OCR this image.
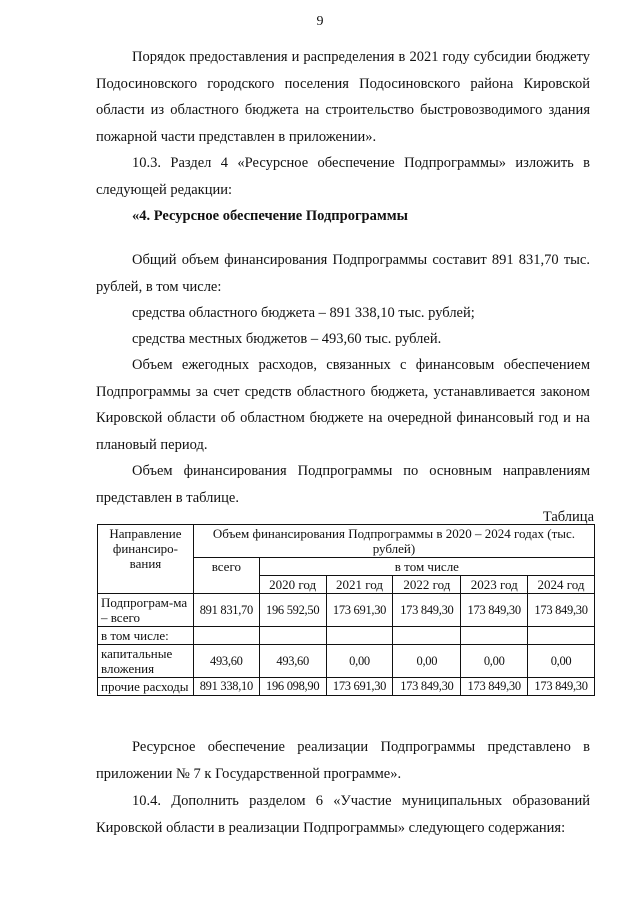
9

Порядок предоставления и распределения в 2021 году субсидии бюджету Подосиновского городского поселения Подосиновского района Кировской области из областного бюджета на строительство быстровозводимого здания пожарной части представлен в приложении».

10.3. Раздел 4 «Ресурсное обеспечение Подпрограммы» изложить в следующей редакции:

«4. Ресурсное обеспечение Подпрограммы

Общий объем финансирования Подпрограммы составит 891 831,70 тыс. рублей, в том числе:

средства областного бюджета – 891 338,10 тыс. рублей;

средства местных бюджетов – 493,60 тыс. рублей.

Объем ежегодных расходов, связанных с финансовым обеспечением Подпрограммы за счет средств областного бюджета, устанавливается законом Кировской области об областном бюджете на очередной финансовый год и на плановый период.

Объем финансирования Подпрограммы по основным направлениям представлен в таблице.

Таблица
Направление финансиро-вания	Объем финансирования Подпрограммы в 2020 – 2024 годах (тыс. рублей)					
	всего	в том числе				
		2020 год	2021 год	2022 год	2023 год	2024 год
Подпрограм-ма – всего	891 831,70	196 592,50	173 691,30	173 849,30	173 849,30	173 849,30
в том числе:						
капитальные вложения	493,60	493,60	0,00	0,00	0,00	0,00
прочие расходы	891 338,10	196 098,90	173 691,30	173 849,30	173 849,30	173 849,30

Ресурсное обеспечение реализации Подпрограммы представлено в приложении № 7 к Государственной программе».

10.4. Дополнить разделом 6 «Участие муниципальных образований Кировской области в реализации Подпрограммы» следующего содержания:
